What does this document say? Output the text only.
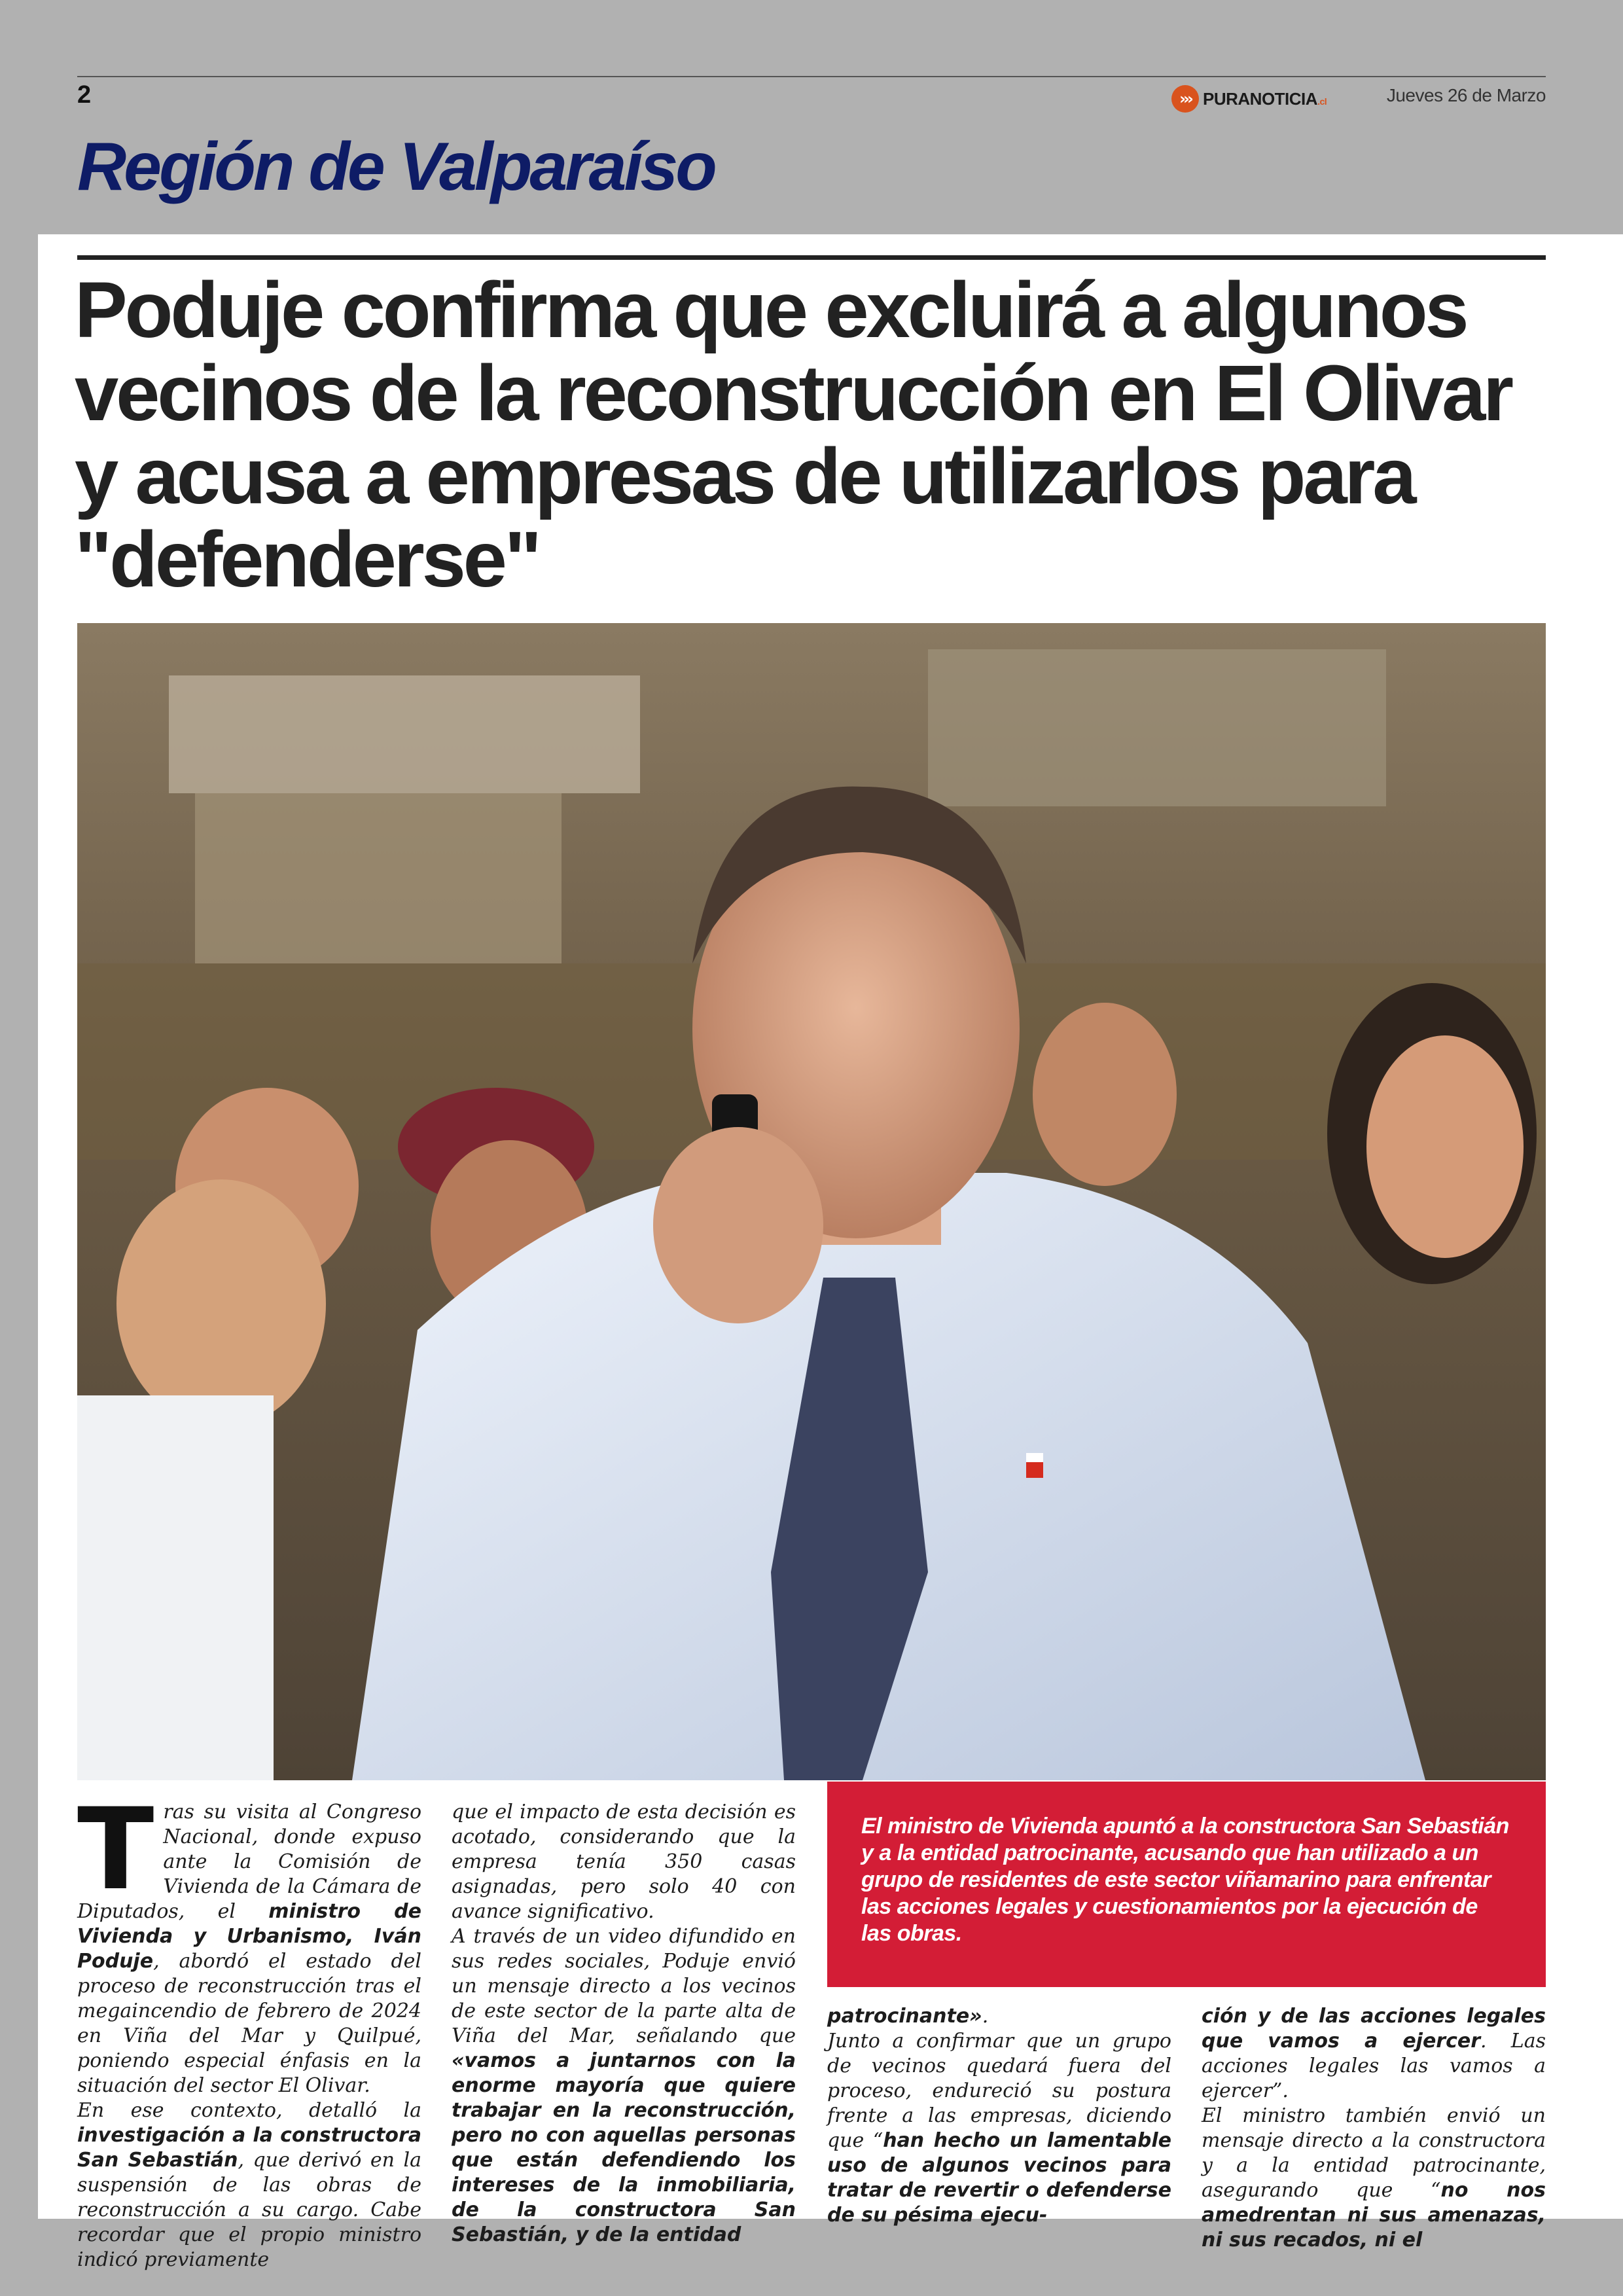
2	››› PURANOTICIA.cl	Jueves 26 de Marzo
Región de Valparaíso
Poduje confirma que excluirá a algunos vecinos de la reconstrucción en El Olivar y acusa a empresas de utilizarlos para "defenderse"
El ministro de Vivienda apuntó a la constructora San Sebastián y a la entidad patrocinante, acusando que han utilizado a un grupo de residentes de este sector viñamarino para enfrentar las acciones legales y cuestionamientos por la ejecución de las obras.

Tras su visita al Congreso Nacional, donde expuso ante la Comisión de Vivienda de la Cámara de Diputados, el ministro de Vivienda y Urbanismo, Iván Poduje, abordó el estado del proceso de reconstrucción tras el megaincendio de febrero de 2024 en Viña del Mar y Quilpué, poniendo especial énfasis en la situación del sector El Olivar.

En ese contexto, detalló la investigación a la constructora San Sebastián, que derivó en la suspensión de las obras de reconstrucción a su cargo. Cabe recordar que el propio ministro indicó previamente

que el impacto de esta decisión es acotado, considerando que la empresa tenía 350 casas asignadas, pero solo 40 con avance significativo.

A través de un video difundido en sus redes sociales, Poduje envió un mensaje directo a los vecinos de este sector de la parte alta de Viña del Mar, señalando que «vamos a juntarnos con la enorme mayoría que quiere trabajar en la reconstrucción, pero no con aquellas personas que están defendiendo los intereses de la inmobiliaria, de la constructora San Sebastián, y de la entidad

patrocinante».

Junto a confirmar que un grupo de vecinos quedará fuera del proceso, endureció su postura frente a las empresas, diciendo que “han hecho un lamentable uso de algunos vecinos para tratar de revertir o defenderse de su pésima ejecu-

ción y de las acciones legales que vamos a ejercer. Las acciones legales las vamos a ejercer”.

El ministro también envió un mensaje directo a la constructora y a la entidad patrocinante, asegurando que “no nos amedrentan ni sus amenazas, ni sus recados, ni el
